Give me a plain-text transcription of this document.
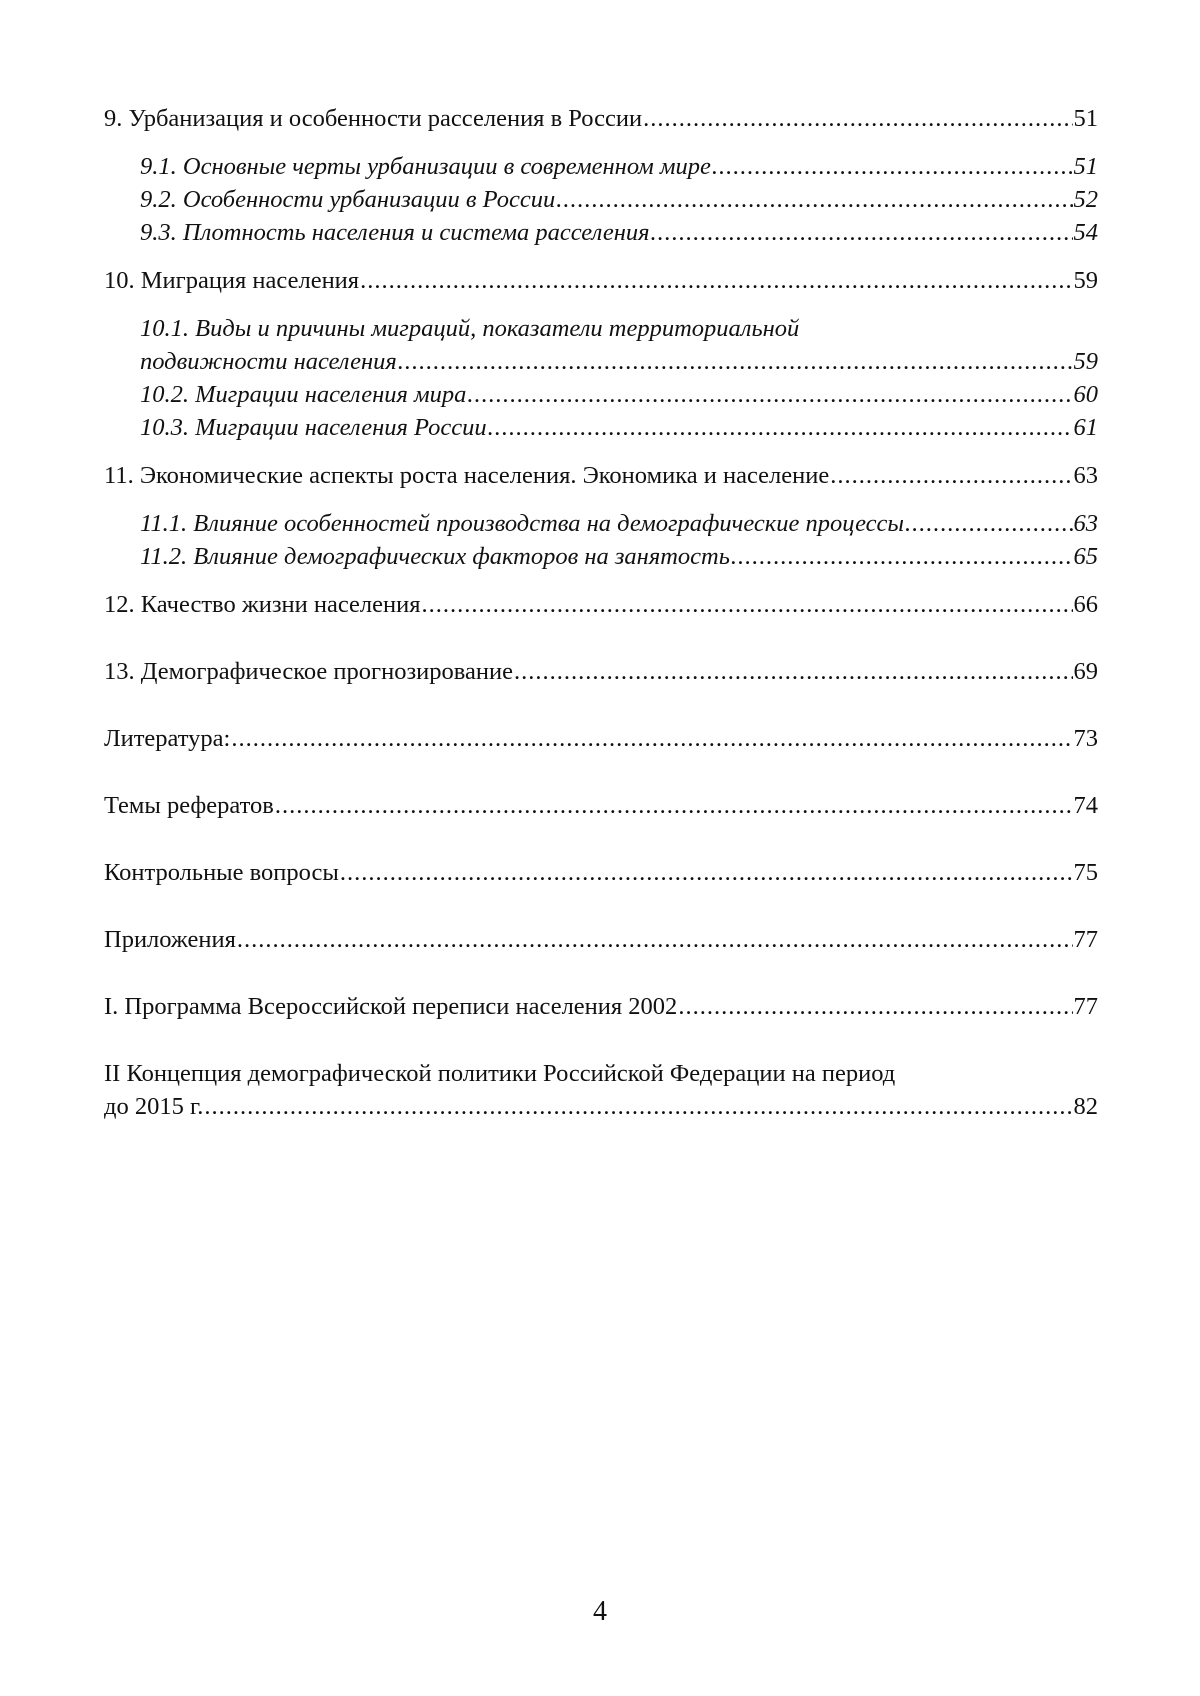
9. Урбанизация и особенности расселения в России .....	51
9.1. Основные черты урбанизации в современном мире .....	51
9.2. Особенности урбанизации в России .....	52
9.3. Плотность населения и система расселения .....	54
10. Миграция населения .....	59
10.1. Виды и причины миграций, показатели территориальной
подвижности населения .....	59
10.2. Миграции населения мира .....	60
10.3. Миграции населения России .....	61
11. Экономические аспекты роста населения. Экономика и население .....	63
11.1. Влияние особенностей производства на демографические процессы .....	63
11.2. Влияние демографических факторов на занятость .....	65
12. Качество жизни населения .....	66
13. Демографическое прогнозирование .....	69
Литература: .....	73
Темы рефератов .....	74
Контрольные вопросы .....	75
Приложения .....	77
I. Программа Всероссийской переписи населения 2002 .....	77
II Концепция демографической политики Российской Федерации на период
до 2015 г. .....	82
4
